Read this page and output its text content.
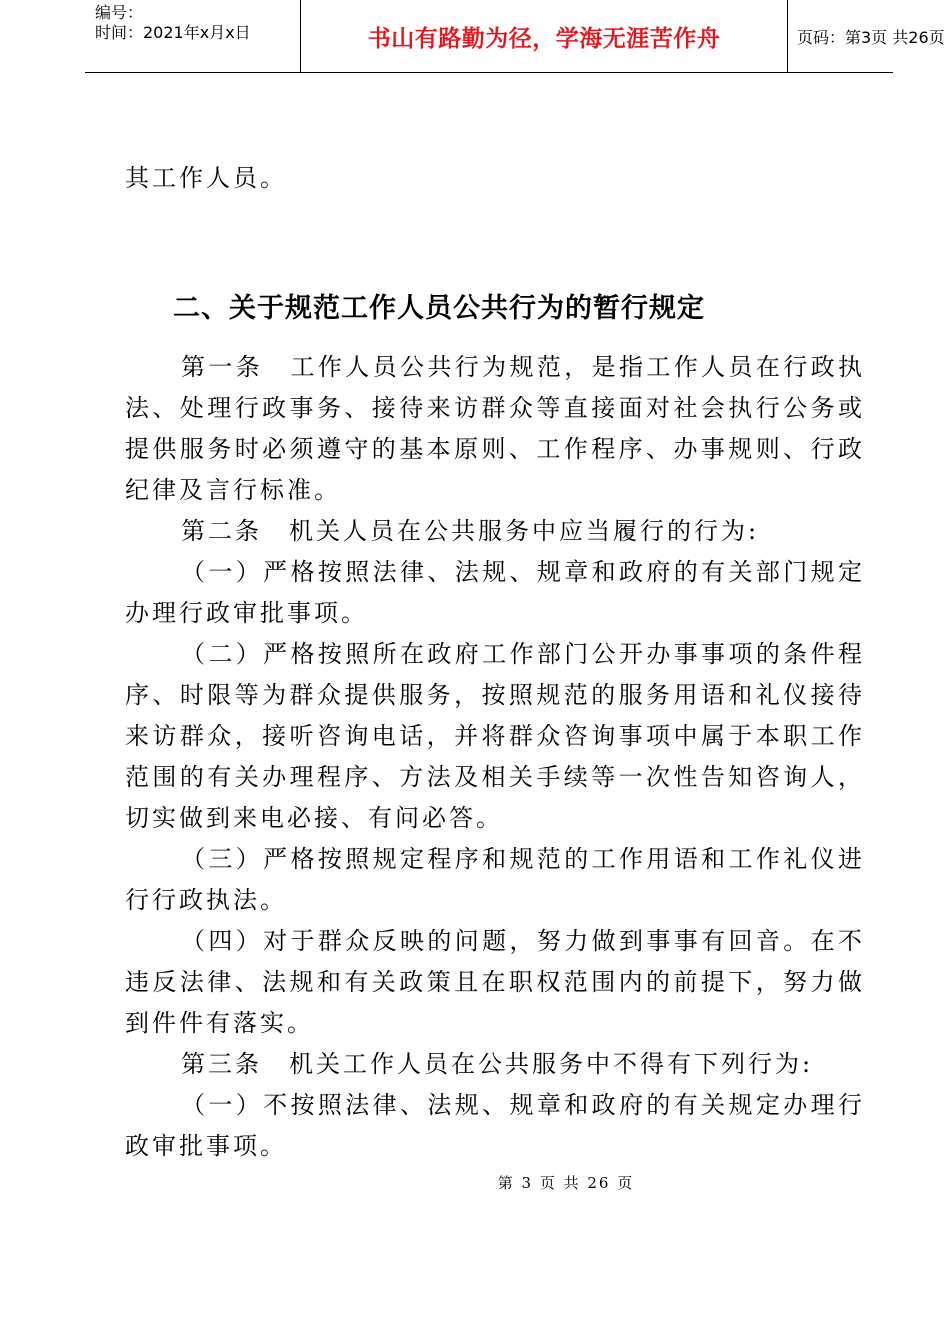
编号：
时间：2021年x月x日	书山有路勤为径，学海无涯苦作舟	页码：第3页 共26页

其工作人员。

二、关于规范工作人员公共行为的暂行规定

第一条　工作人员公共行为规范，是指工作人员在行政执法、处理行政事务、接待来访群众等直接面对社会执行公务或提供服务时必须遵守的基本原则、工作程序、办事规则、行政纪律及言行标准。

第二条　机关人员在公共服务中应当履行的行为:

（一）严格按照法律、法规、规章和政府的有关部门规定办理行政审批事项。

（二）严格按照所在政府工作部门公开办事事项的条件程序、时限等为群众提供服务，按照规范的服务用语和礼仪接待来访群众，接听咨询电话，并将群众咨询事项中属于本职工作范围的有关办理程序、方法及相关手续等一次性告知咨询人，切实做到来电必接、有问必答。

（三）严格按照规定程序和规范的工作用语和工作礼仪进行行政执法。

（四）对于群众反映的问题，努力做到事事有回音。在不违反法律、法规和有关政策且在职权范围内的前提下，努力做到件件有落实。

第三条　机关工作人员在公共服务中不得有下列行为:

（一）不按照法律、法规、规章和政府的有关规定办理行政审批事项。

第 3 页 共 26 页
